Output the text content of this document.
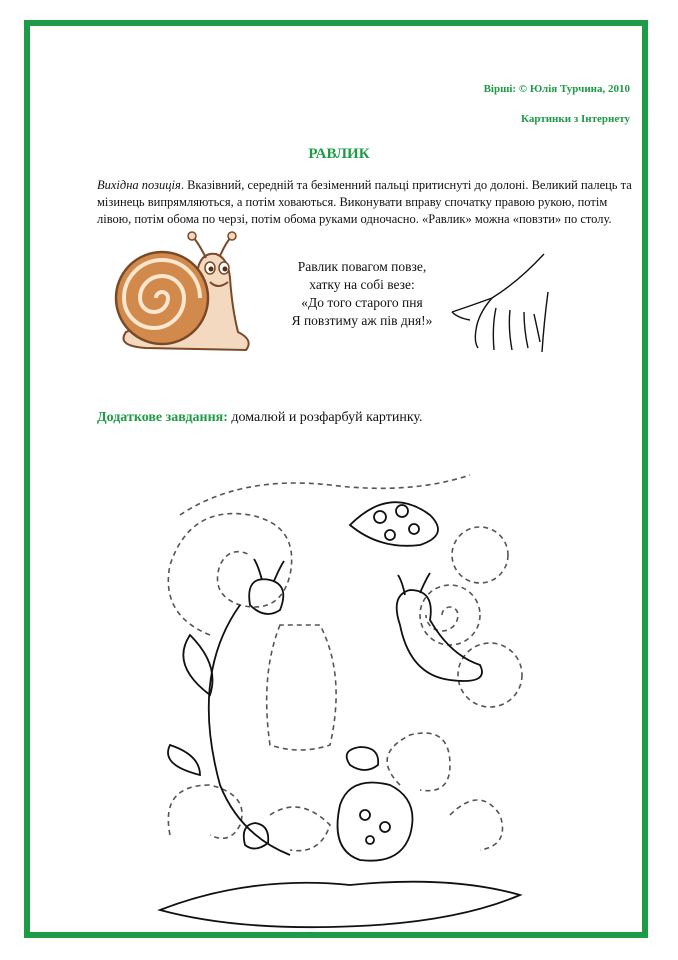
Вірші: © Юлія Турчина, 2010
Картинки з Інтернету
РАВЛИК
Вихідна позиція. Вказівний, середній та безіменний пальці притиснуті до долоні. Великий палець та мізинець випрямляються, а потім ховаються. Виконувати вправу спочатку правою рукою, потім лівою, потім обома по черзі, потім обома руками одночасно. «Равлик» можна «повзти» по столу.
Равлик повагом повзе,
хатку на собі везе:
«До того старого пня
Я повзтиму аж пів дня!»
Додаткове завдання: домалюй и розфарбуй картинку.
